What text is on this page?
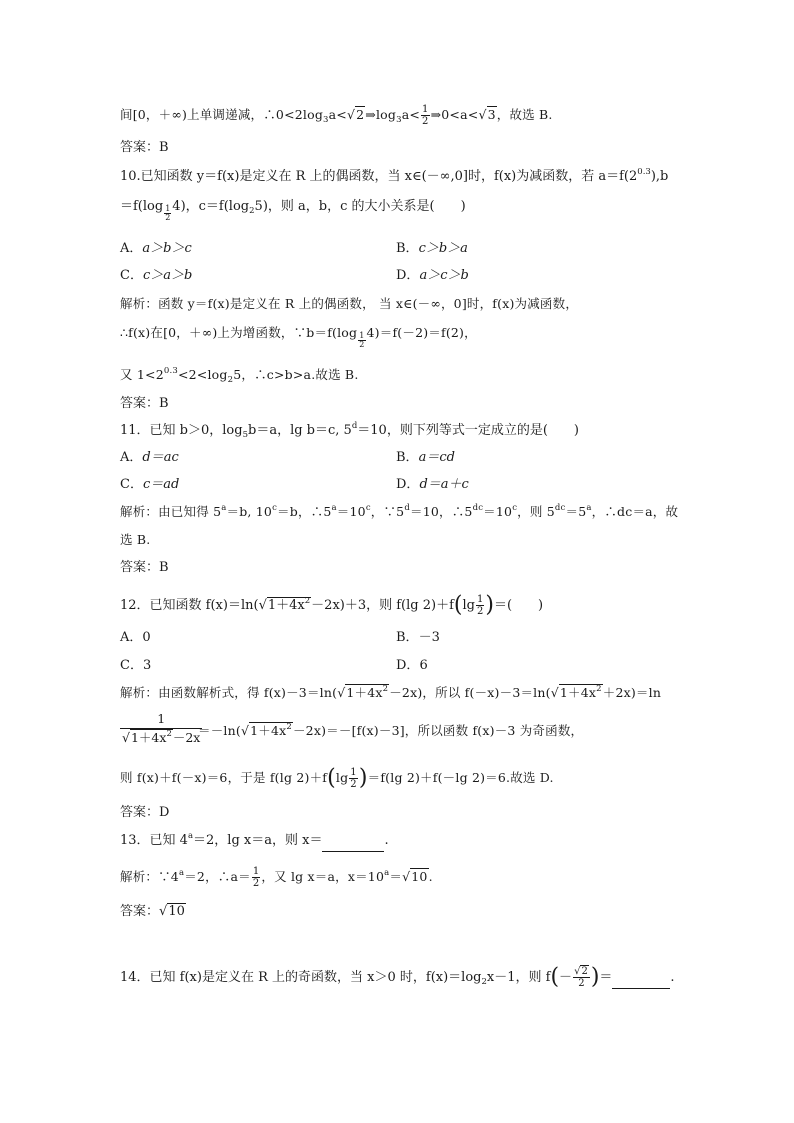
间[0，＋∞)上单调递减，$\therefore 0<2\log_3a<√2\Rightarrow\log_3a< \frac{1}{2}$ ⇒0<a<√3，故选 B.
答案：B
10.已知函数 y＝f(x)是定义在 R 上的偶函数，当 x∈(－∞,0]时，f(x)为减函数，若 $a=f(2^{0.3}),b$
$=f(\log \frac{1}{2} 4)$，$c=f(\log_25)$，则 a，b，c 的大小关系是(　　)
A．a＞b＞c	B．c＞b＞a
C．c＞a＞b	D．a＞c＞b
解析：函数 y＝f(x)是定义在 R 上的偶函数， 当 x∈(－∞，0]时，f(x)为减函数，
∴f(x)在[0，＋∞)上为增函数，∵b＝f(log $\frac{1}{2} 4)=f(-2)=f(2)$，
又 $1<2^{0.3}<2<\log_25$，∴c>b>a.故选 B.
答案：B
11．已知 b＞0，$\log_5b=a$，lg b＝c, $5^d=10$，则下列等式一定成立的是(　　)
A．d＝ac	B．a＝cd
C．c＝ad	D．d＝a＋c
解析：由已知得 $5^a=b$, $10^c=b$，$\therefore 5^a=10^c$，$\because 5^d=10$，$\therefore 5^{dc}=10^c$，则 $5^{dc}=5^a$，∴dc＝a，故
选 B.
答案：B
12．已知函数 $f(x)=\ln(√1+4x^2-2x)+3$，则 f(lg $2)+f(\lg \frac{1}{2}$ )＝(　　)
A．0	B．－3
C．3	D．6
解析：由函数解析式，得 $f(x)-3=\ln(√1+4x^2-2x)$，所以 $f(-x)-3=\ln(√1+4x^2+2x)=\ln$
$\frac{1}{√1+4x^2-2x}$
$=-\ln(√1+4x^2-2x)=-[f(x)-3]$，所以函数 f(x)－3 为奇函数，
则 f(x)＋f(－x)＝6，于是 f(lg $2)+f(\lg \frac{1}{2} )=f(\lg$ 2)＋f(－lg 2)＝6.故选 D.
答案：D
13．已知 $4^a=2$，lg x＝a，则 x＝	.
解析：$\because 4^a=2$，∴a＝ $\frac{1}{2}$ ，又 lg x＝a，$x=10^a=√10$.
答案：√10
14．已知 f(x)是定义在 R 上的奇函数，当 x＞0 时，$f(x)=\log_2x-1$，则 $f(- \frac{√2}{2}$ )＝	.
